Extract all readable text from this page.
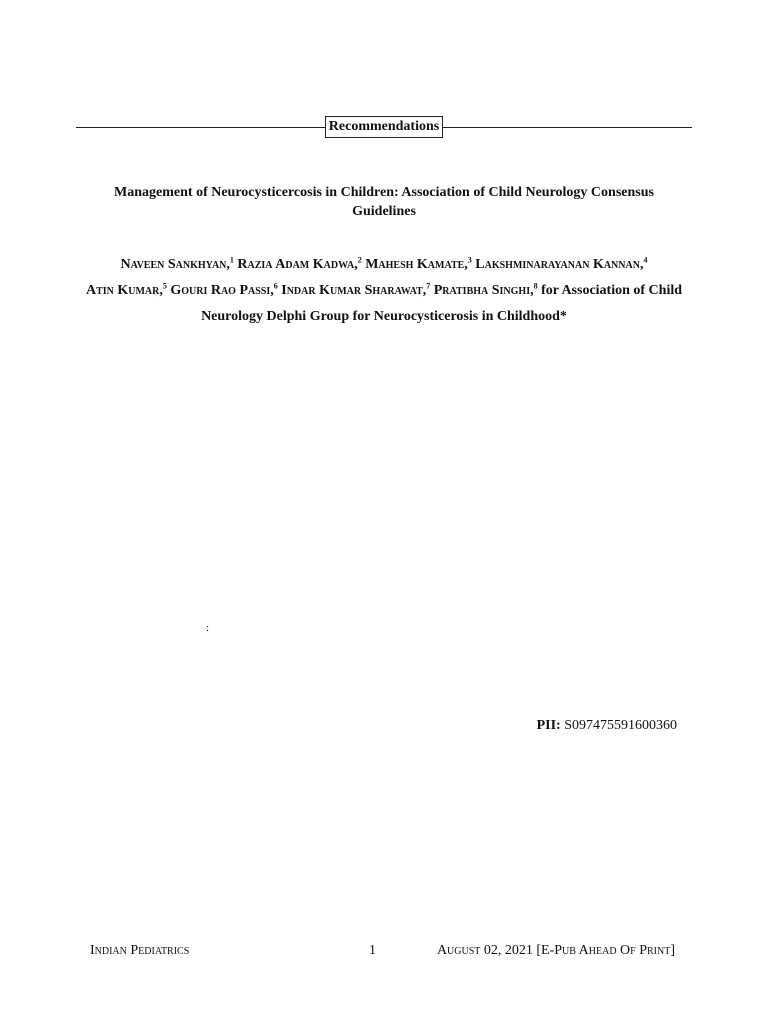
Recommendations
Management of Neurocysticercosis in Children: Association of Child Neurology Consensus Guidelines
Naveen Sankhyan,$^1$ Razia Adam Kadwa,$^2$ Mahesh Kamate,$^3$ Lakshminarayanan Kannan,$^4$
Atin Kumar,$^5$ Gouri Rao Passi,$^6$ Indar Kumar Sharawat,$^7$ Pratibha Singhi,$^8$ for Association of Child Neurology Delphi Group for Neurocysticerosis in Childhood*
:
PII: S097475591600360
Indian Pediatrics	1	August 02, 2021 [E-Pub Ahead Of Print]
